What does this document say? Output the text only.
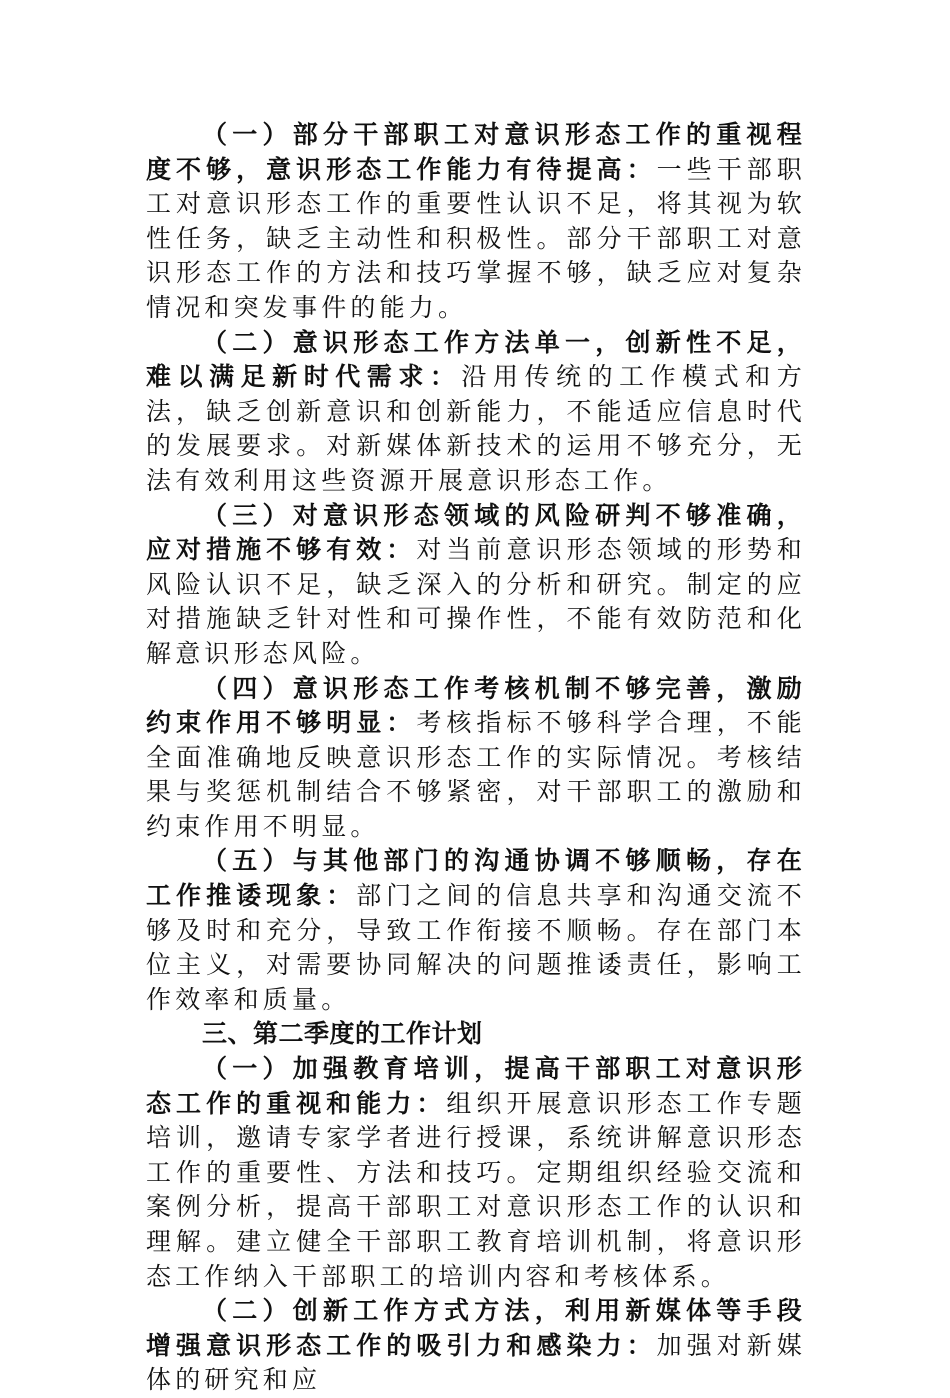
（一）部分干部职工对意识形态工作的重视程度不够，意识形态工作能力有待提高：一些干部职工对意识形态工作的重要性认识不足，将其视为软性任务，缺乏主动性和积极性。部分干部职工对意识形态工作的方法和技巧掌握不够，缺乏应对复杂情况和突发事件的能力。

（二）意识形态工作方法单一，创新性不足，难以满足新时代需求：沿用传统的工作模式和方法，缺乏创新意识和创新能力，不能适应信息时代的发展要求。对新媒体新技术的运用不够充分，无法有效利用这些资源开展意识形态工作。

（三）对意识形态领域的风险研判不够准确，应对措施不够有效：对当前意识形态领域的形势和风险认识不足，缺乏深入的分析和研究。制定的应对措施缺乏针对性和可操作性，不能有效防范和化解意识形态风险。

（四）意识形态工作考核机制不够完善，激励约束作用不够明显：考核指标不够科学合理，不能全面准确地反映意识形态工作的实际情况。考核结果与奖惩机制结合不够紧密，对干部职工的激励和约束作用不明显。

（五）与其他部门的沟通协调不够顺畅，存在工作推诿现象：部门之间的信息共享和沟通交流不够及时和充分，导致工作衔接不顺畅。存在部门本位主义，对需要协同解决的问题推诿责任，影响工作效率和质量。

三、第二季度的工作计划

（一）加强教育培训，提高干部职工对意识形态工作的重视和能力：组织开展意识形态工作专题培训，邀请专家学者进行授课，系统讲解意识形态工作的重要性、方法和技巧。定期组织经验交流和案例分析，提高干部职工对意识形态工作的认识和理解。建立健全干部职工教育培训机制，将意识形态工作纳入干部职工的培训内容和考核体系。

（二）创新工作方式方法，利用新媒体等手段增强意识形态工作的吸引力和感染力：加强对新媒体的研究和应
